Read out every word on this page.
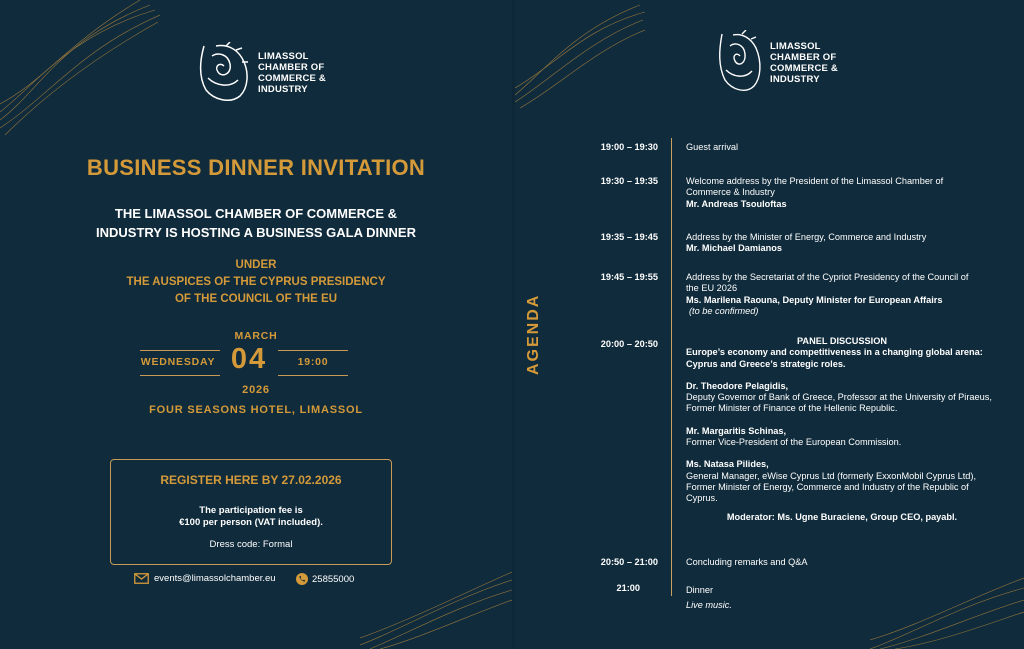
LIMASSOL
CHAMBER OF
COMMERCE &
INDUSTRY
BUSINESS DINNER INVITATION
THE LIMASSOL CHAMBER OF COMMERCE &
INDUSTRY IS HOSTING A BUSINESS GALA DINNER
UNDER
THE AUSPICES OF THE CYPRUS PRESIDENCY
OF THE COUNCIL OF THE EU
MARCH
WEDNESDAY 04	19:00
2026
FOUR SEASONS HOTEL, LIMASSOL
REGISTER HERE BY 27.02.2026
The participation fee is
€100 per person (VAT included).
Dress code: Formal
events@limassolchamber.eu	25855000
LIMASSOL
CHAMBER OF
COMMERCE &
INDUSTRY
AGENDA
19:00 – 19:30	Guest arrival
19:30 – 19:35	Welcome address by the President of the Limassol Chamber of Commerce & Industry
Mr. Andreas Tsouloftas
19:35 – 19:45	Address by the Minister of Energy, Commerce and Industry
Mr. Michael Damianos
19:45 – 19:55	Address by the Secretariat of the Cypriot Presidency of the Council of the EU 2026
Ms. Marilena Raouna, Deputy Minister for European Affairs
(to be confirmed)
20:00 – 20:50	PANEL DISCUSSION
Europe’s economy and competitiveness in a changing global arena: Cyprus and Greece’s strategic roles.
Dr. Theodore Pelagidis,
Deputy Governor of Bank of Greece, Professor at the University of Piraeus, Former Minister of Finance of the Hellenic Republic.
Mr. Margaritis Schinas,
Former Vice-President of the European Commission.
Ms. Natasa Pilides,
General Manager, eWise Cyprus Ltd (formerly ExxonMobil Cyprus Ltd), Former Minister of Energy, Commerce and Industry of the Republic of Cyprus.
Moderator: Ms. Ugne Buraciene, Group CEO, payabl.
20:50 – 21:00	Concluding remarks and Q&A
21:00	Dinner
Live music.
